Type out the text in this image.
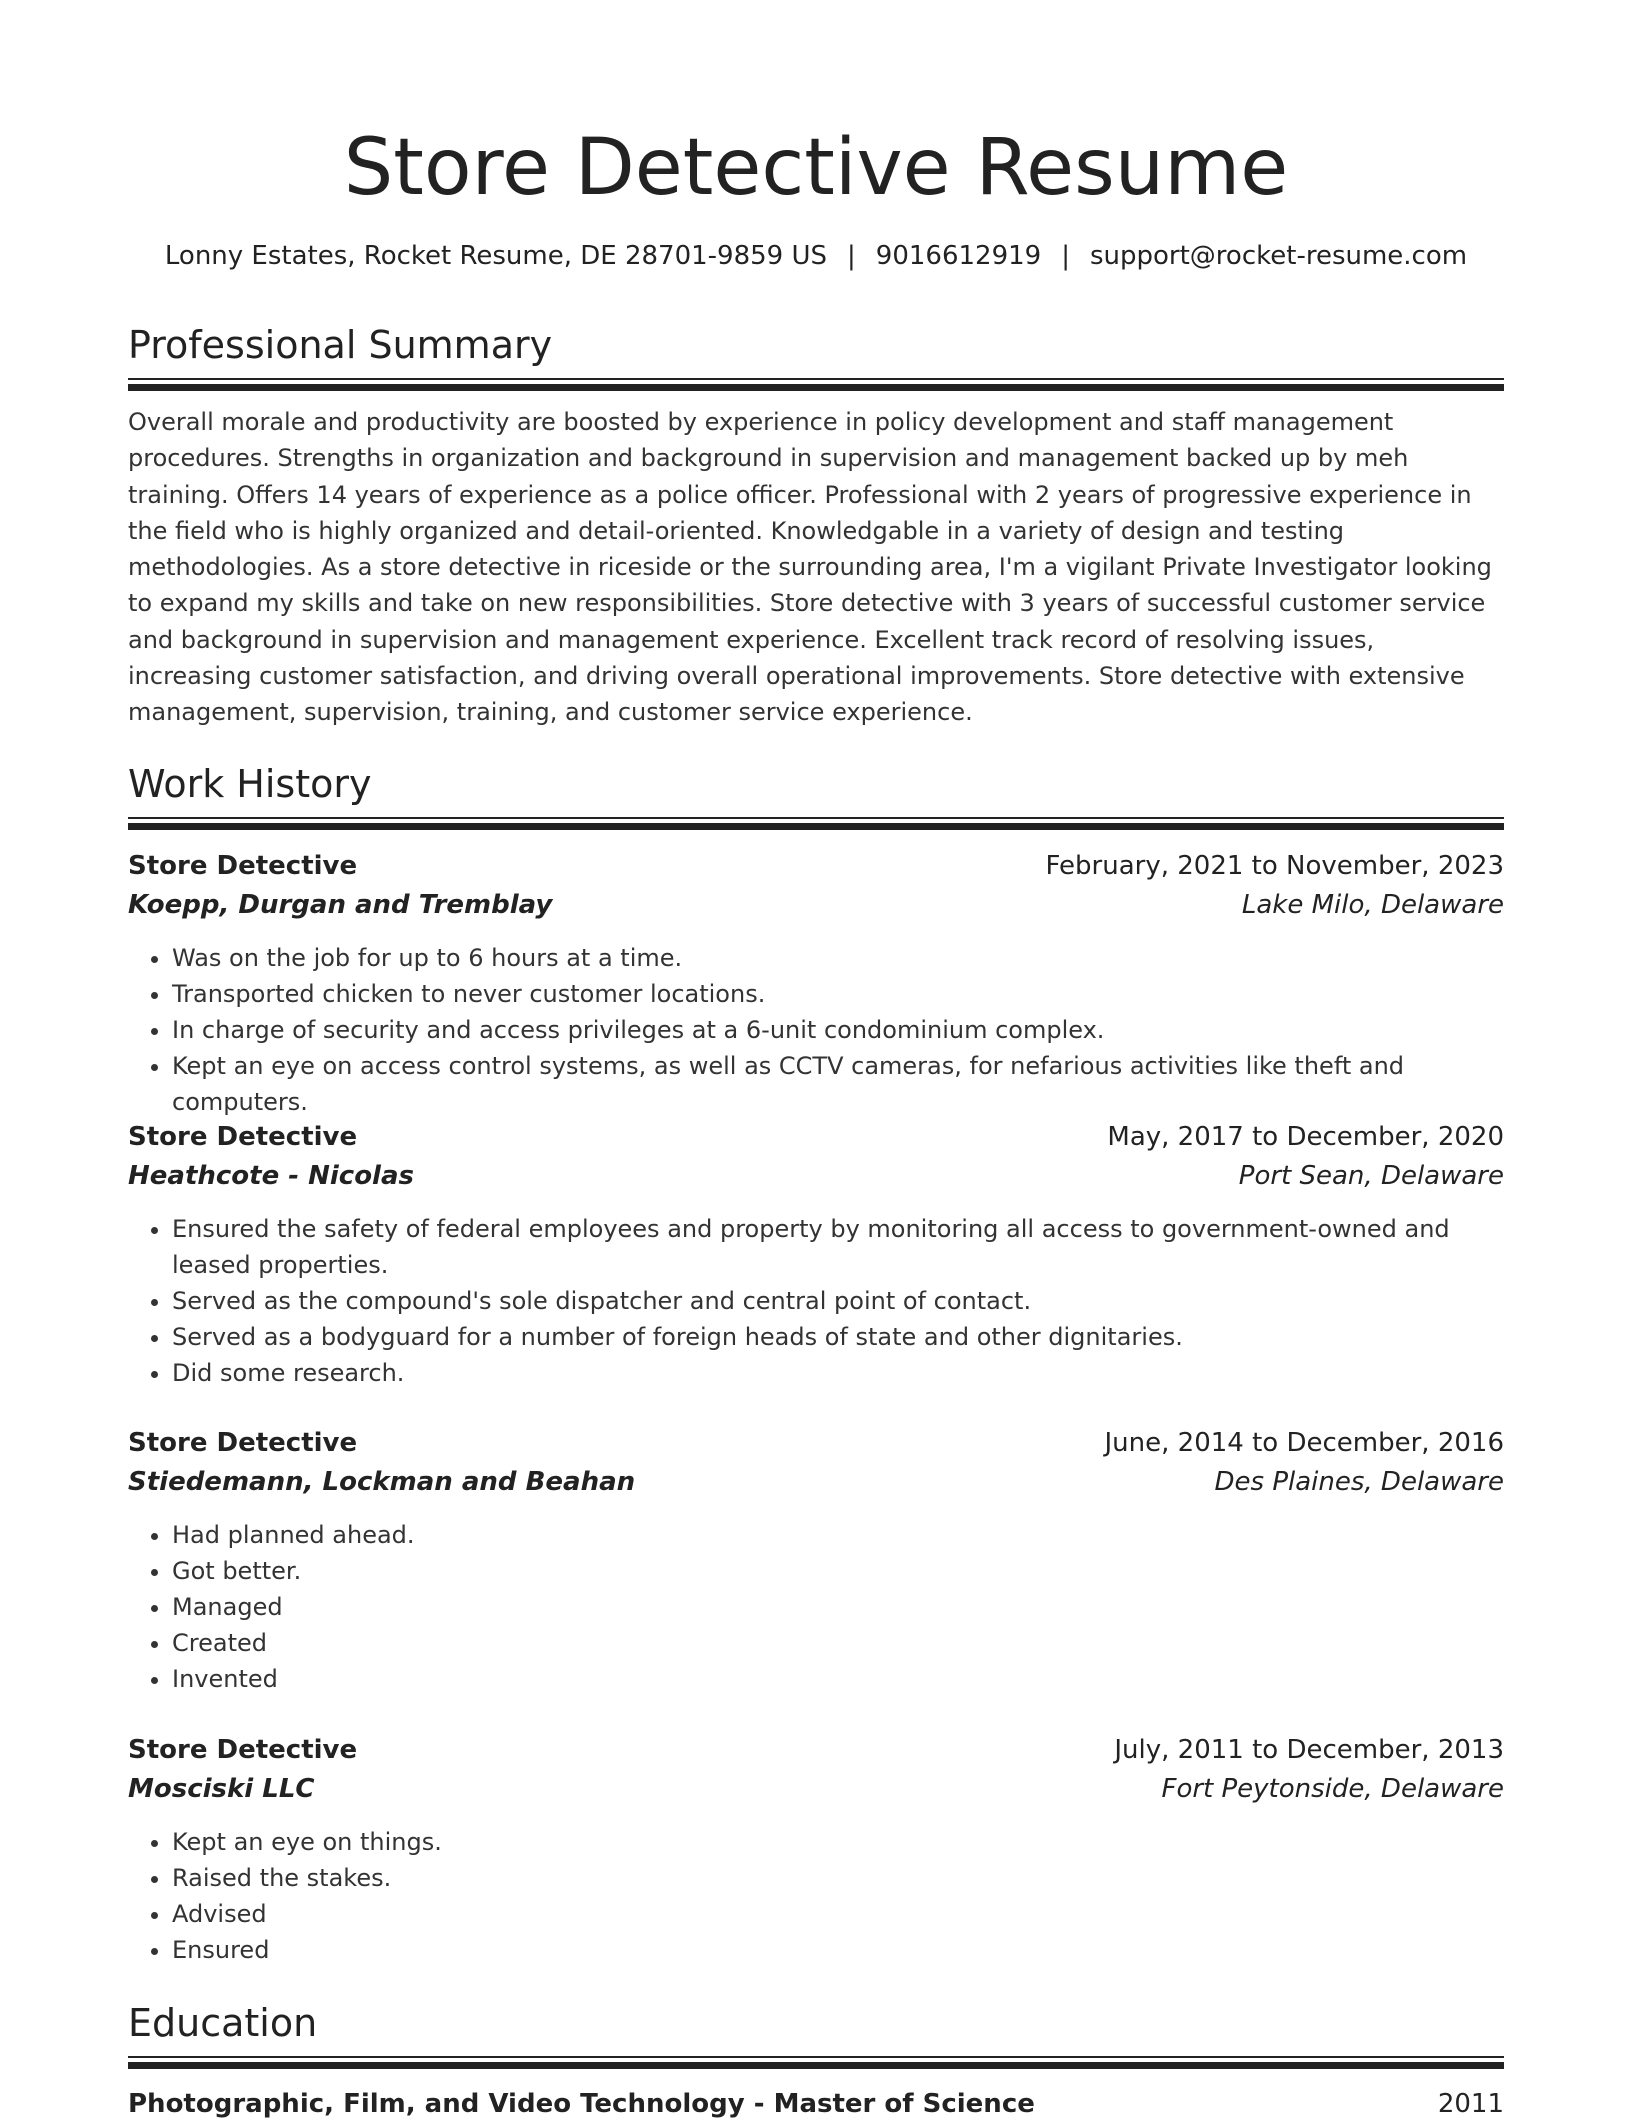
Store Detective Resume
Lonny Estates, Rocket Resume, DE 28701-9859 US | 9016612919 | support@rocket-resume.com
Professional Summary

Overall morale and productivity are boosted by experience in policy development and staff management procedures. Strengths in organization and background in supervision and management backed up by meh training. Offers 14 years of experience as a police officer. Professional with 2 years of progressive experience in the field who is highly organized and detail-oriented. Knowledgable in a variety of design and testing methodologies. As a store detective in riceside or the surrounding area, I'm a vigilant Private Investigator looking to expand my skills and take on new responsibilities. Store detective with 3 years of successful customer service and background in supervision and management experience. Excellent track record of resolving issues, increasing customer satisfaction, and driving overall operational improvements. Store detective with extensive management, supervision, training, and customer service experience.

Work History
Store Detective	February, 2021 to November, 2023
Koepp, Durgan and Tremblay	Lake Milo, Delaware
• Was on the job for up to 6 hours at a time.
• Transported chicken to never customer locations.
• In charge of security and access privileges at a 6-unit condominium complex.
• Kept an eye on access control systems, as well as CCTV cameras, for nefarious activities like theft and computers.
Store Detective	May, 2017 to December, 2020
Heathcote - Nicolas	Port Sean, Delaware
• Ensured the safety of federal employees and property by monitoring all access to government-owned and leased properties.
• Served as the compound's sole dispatcher and central point of contact.
• Served as a bodyguard for a number of foreign heads of state and other dignitaries.
• Did some research.
Store Detective	June, 2014 to December, 2016
Stiedemann, Lockman and Beahan	Des Plaines, Delaware
• Had planned ahead.
• Got better.
• Managed
• Created
• Invented
Store Detective	July, 2011 to December, 2013
Mosciski LLC	Fort Peytonside, Delaware
• Kept an eye on things.
• Raised the stakes.
• Advised
• Ensured
Education
Photographic, Film, and Video Technology - Master of Science	2011
